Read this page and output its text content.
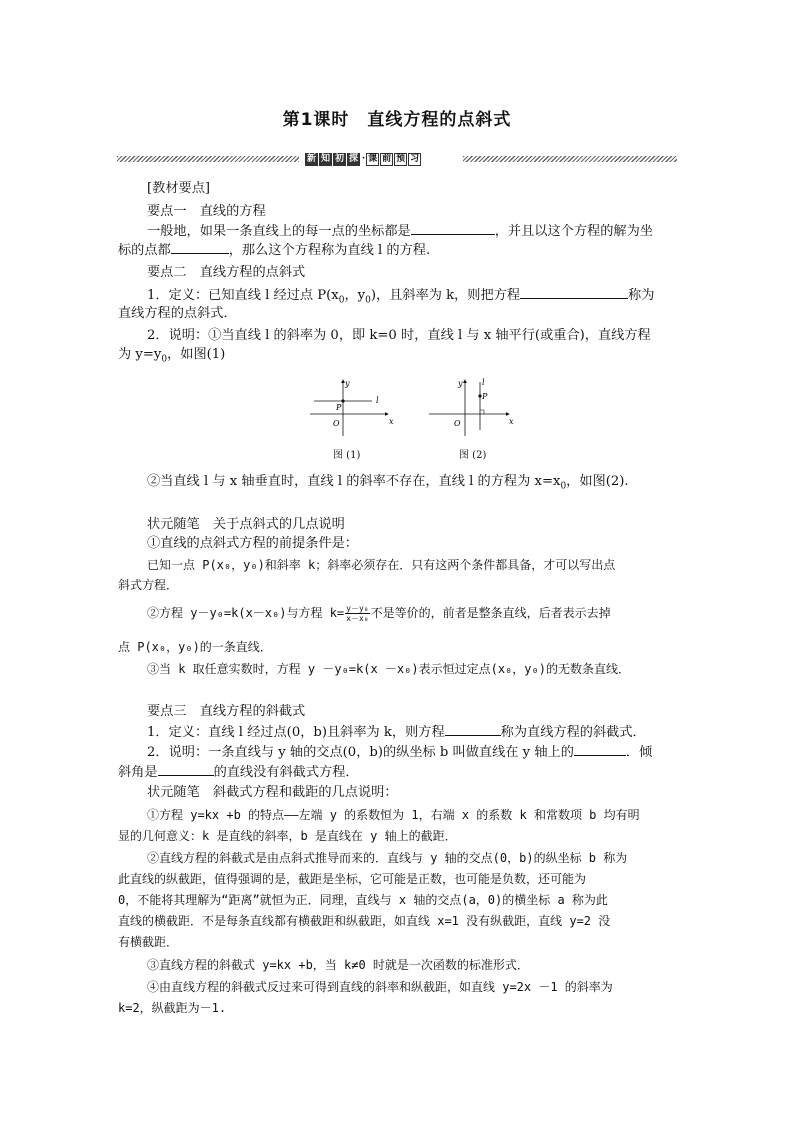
第1课时 直线方程的点斜式
新 知 初 探 · 课 前 预 习
[教材要点]
要点一　直线的方程
一般地，如果一条直线上的每一点的坐标都是	，并且以这个方程的解为坐
标的点都	，那么这个方程称为直线 l 的方程.
要点二　直线方程的点斜式
1．定义：已知直线 l 经过点 $P(x_0$，$y_0$)，且斜率为 k，则把方程	称为
直线方程的点斜式．
2．说明：①当直线 l 的斜率为 0，即 k=0 时，直线 l 与 x 轴平行(或重合)，直线方程
为 $y=y_0$，如图(1)
y
x
O
P
l
图 (1)
y
x
O
P
l
图 (2)
②当直线 l 与 x 轴垂直时，直线 l 的斜率不存在，直线 l 的方程为 $x=x_0$，如图(2).
状元随笔　关于点斜式的几点说明
①直线的点斜式方程的前提条件是：
已知一点 P(x₀，y₀)和斜率 k；斜率必须存在．只有这两个条件都具备，才可以写出点
斜式方程．
②方程 y－y₀=k(x－x₀)与方程 $k= \frac{\text{y－y₀}}{\text{x－x₀}}$ 不是等价的，前者是整条直线，后者表示去掉
点 P(x₀，y₀)的一条直线．
③当 k 取任意实数时，方程 y －y₀=k(x －x₀)表示恒过定点(x₀，y₀)的无数条直线．
要点三　直线方程的斜截式
1．定义：直线 l 经过点(0，b)且斜率为 k，则方程	称为直线方程的斜截式．
2．说明：一条直线与 y 轴的交点(0，b)的纵坐标 b 叫做直线在 y 轴上的	．倾
斜角是	的直线没有斜截式方程．
状元随笔　斜截式方程和截距的几点说明：
①方程 y=kx +b 的特点——左端 y 的系数恒为 1，右端 x 的系数 k 和常数项 b 均有明
显的几何意义：k 是直线的斜率，b 是直线在 y 轴上的截距．
②直线方程的斜截式是由点斜式推导而来的．直线与 y 轴的交点(0，b)的纵坐标 b 称为
此直线的纵截距，值得强调的是，截距是坐标，它可能是正数，也可能是负数，还可能为
0，不能将其理解为“距离”就恒为正．同理，直线与 x 轴的交点(a，0)的横坐标 a 称为此
直线的横截距．不是每条直线都有横截距和纵截距，如直线 x=1 没有纵截距，直线 y=2 没
有横截距．
③直线方程的斜截式 y=kx +b，当 k≠0 时就是一次函数的标准形式．
④由直线方程的斜截式反过来可得到直线的斜率和纵截距，如直线 y=2x －1 的斜率为
k=2，纵截距为－1.
